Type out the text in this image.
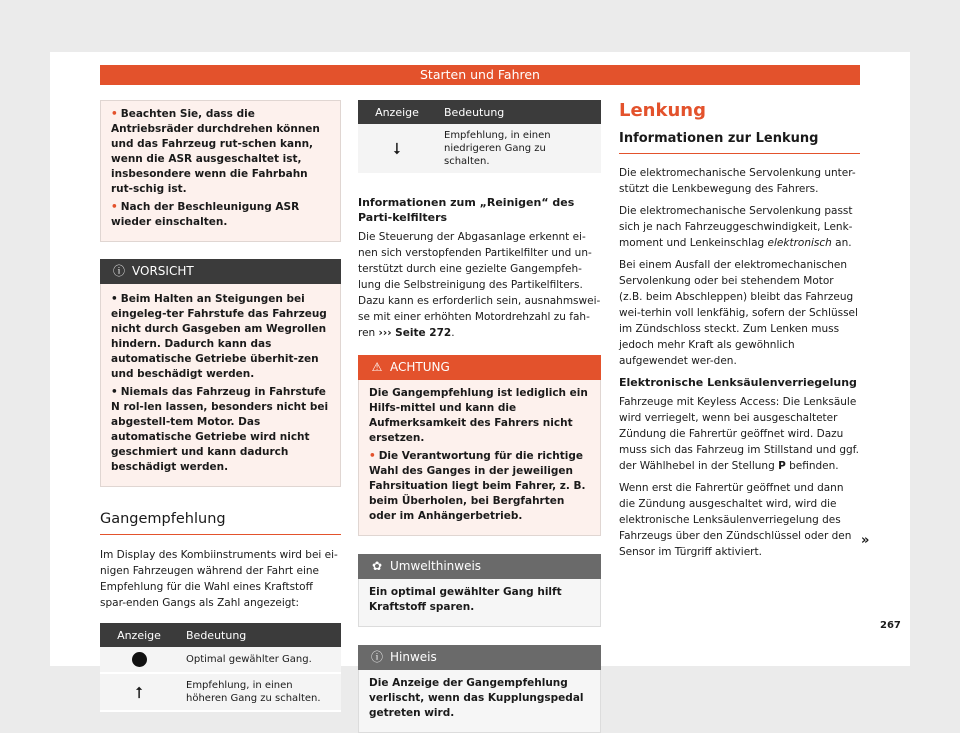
Starten und Fahren

• Beachten Sie, dass die Antriebsräder durchdrehen können und das Fahrzeug rut-schen kann, wenn die ASR ausgeschaltet ist, insbesondere wenn die Fahrbahn rut-schig ist.

• Nach der Beschleunigung ASR wieder einschalten.

ⓘ VORSICHT

• Beim Halten an Steigungen bei eingeleg-ter Fahrstufe das Fahrzeug nicht durch Gasgeben am Wegrollen hindern. Dadurch kann das automatische Getriebe überhit-zen und beschädigt werden.

• Niemals das Fahrzeug in Fahrstufe N rol-len lassen, besonders nicht bei abgestell-tem Motor. Das automatische Getriebe wird nicht geschmiert und kann dadurch beschädigt werden.

Gangempfehlung

Im Display des Kombiinstruments wird bei ei-nigen Fahrzeugen während der Fahrt eine Empfehlung für die Wahl eines Kraftstoff spar-enden Gangs als Zahl angezeigt:

Anzeige	Bedeutung
	Optimal gewählter Gang.
⭡	Empfehlung, in einen höheren Gang zu schalten.
Anzeige	Bedeutung
⭣	Empfehlung, in einen niedrigeren Gang zu schalten.

Informationen zum „Reinigen“ des Parti-kelfilters

Die Steuerung der Abgasanlage erkennt ei-nen sich verstopfenden Partikelfilter und un-terstützt durch eine gezielte Gangempfeh-lung die Selbstreinigung des Partikelfilters. Dazu kann es erforderlich sein, ausnahmswei-se mit einer erhöhten Motordrehzahl zu fah-ren ››› Seite 272.

⚠ ACHTUNG

Die Gangempfehlung ist lediglich ein Hilfs-mittel und kann die Aufmerksamkeit des Fahrers nicht ersetzen.

• Die Verantwortung für die richtige Wahl des Ganges in der jeweiligen Fahrsituation liegt beim Fahrer, z. B. beim Überholen, bei Bergfahrten oder im Anhängerbetrieb.

✿ Umwelthinweis

Ein optimal gewählter Gang hilft Kraftstoff sparen.

ⓘ Hinweis

Die Anzeige der Gangempfehlung verlischt, wenn das Kupplungspedal getreten wird.

Lenkung
Informationen zur Lenkung

Die elektromechanische Servolenkung unter-stützt die Lenkbewegung des Fahrers.

Die elektromechanische Servolenkung passt sich je nach Fahrzeuggeschwindigkeit, Lenk-moment und Lenkeinschlag elektronisch an.

Bei einem Ausfall der elektromechanischen Servolenkung oder bei stehendem Motor (z.B. beim Abschleppen) bleibt das Fahrzeug wei-terhin voll lenkfähig, sofern der Schlüssel im Zündschloss steckt. Zum Lenken muss jedoch mehr Kraft als gewöhnlich aufgewendet wer-den.

Elektronische Lenksäulenverriegelung

Fahrzeuge mit Keyless Access: Die Lenksäule wird verriegelt, wenn bei ausgeschalteter Zündung die Fahrertür geöffnet wird. Dazu muss sich das Fahrzeug im Stillstand und ggf. der Wählhebel in der Stellung P befinden.

Wenn erst die Fahrertür geöffnet und dann die Zündung ausgeschaltet wird, wird die elektronische Lenksäulenverriegelung des Fahrzeugs über den Zündschlüssel oder den Sensor im Türgriff aktiviert.

»
267
